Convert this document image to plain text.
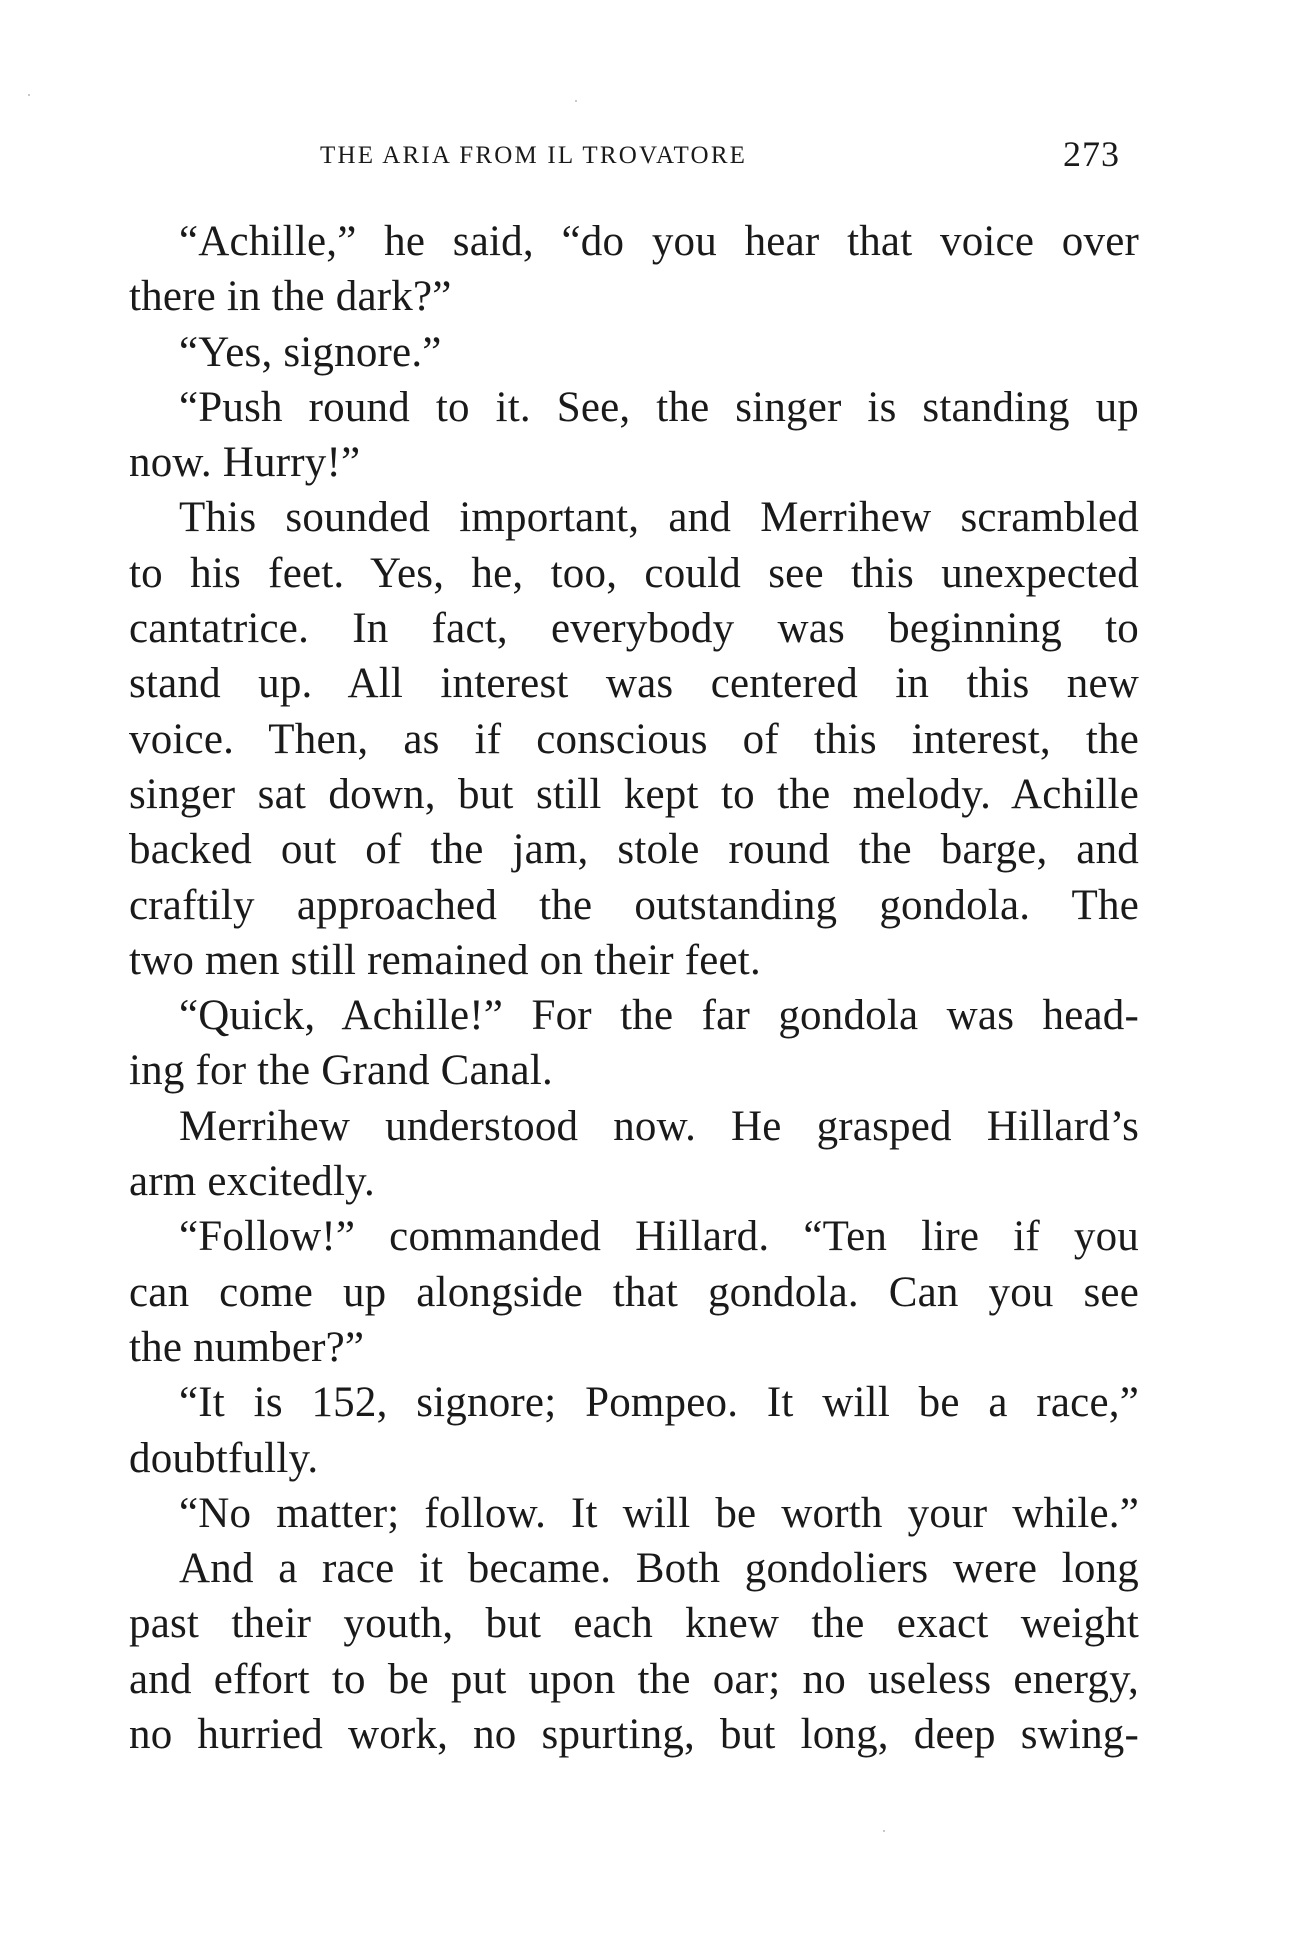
THE ARIA FROM IL TROVATORE	273
“Achille,” he said, “do you hear that voice over
there in the dark?”
“Yes, signore.”
“Push round to it. See, the singer is standing up
now. Hurry!”
This sounded important, and Merrihew scrambled
to his feet. Yes, he, too, could see this unexpected
cantatrice. In fact, everybody was beginning to
stand up. All interest was centered in this new
voice. Then, as if conscious of this interest, the
singer sat down, but still kept to the melody. Achille
backed out of the jam, stole round the barge, and
craftily approached the outstanding gondola. The
two men still remained on their feet.
“Quick, Achille!” For the far gondola was head-
ing for the Grand Canal.
Merrihew understood now. He grasped Hillard’s
arm excitedly.
“Follow!” commanded Hillard. “Ten lire if you
can come up alongside that gondola. Can you see
the number?”
“It is 152, signore; Pompeo. It will be a race,”
doubtfully.
“No matter; follow. It will be worth your while.”
And a race it became. Both gondoliers were long
past their youth, but each knew the exact weight
and effort to be put upon the oar; no useless energy,
no hurried work, no spurting, but long, deep swing-
